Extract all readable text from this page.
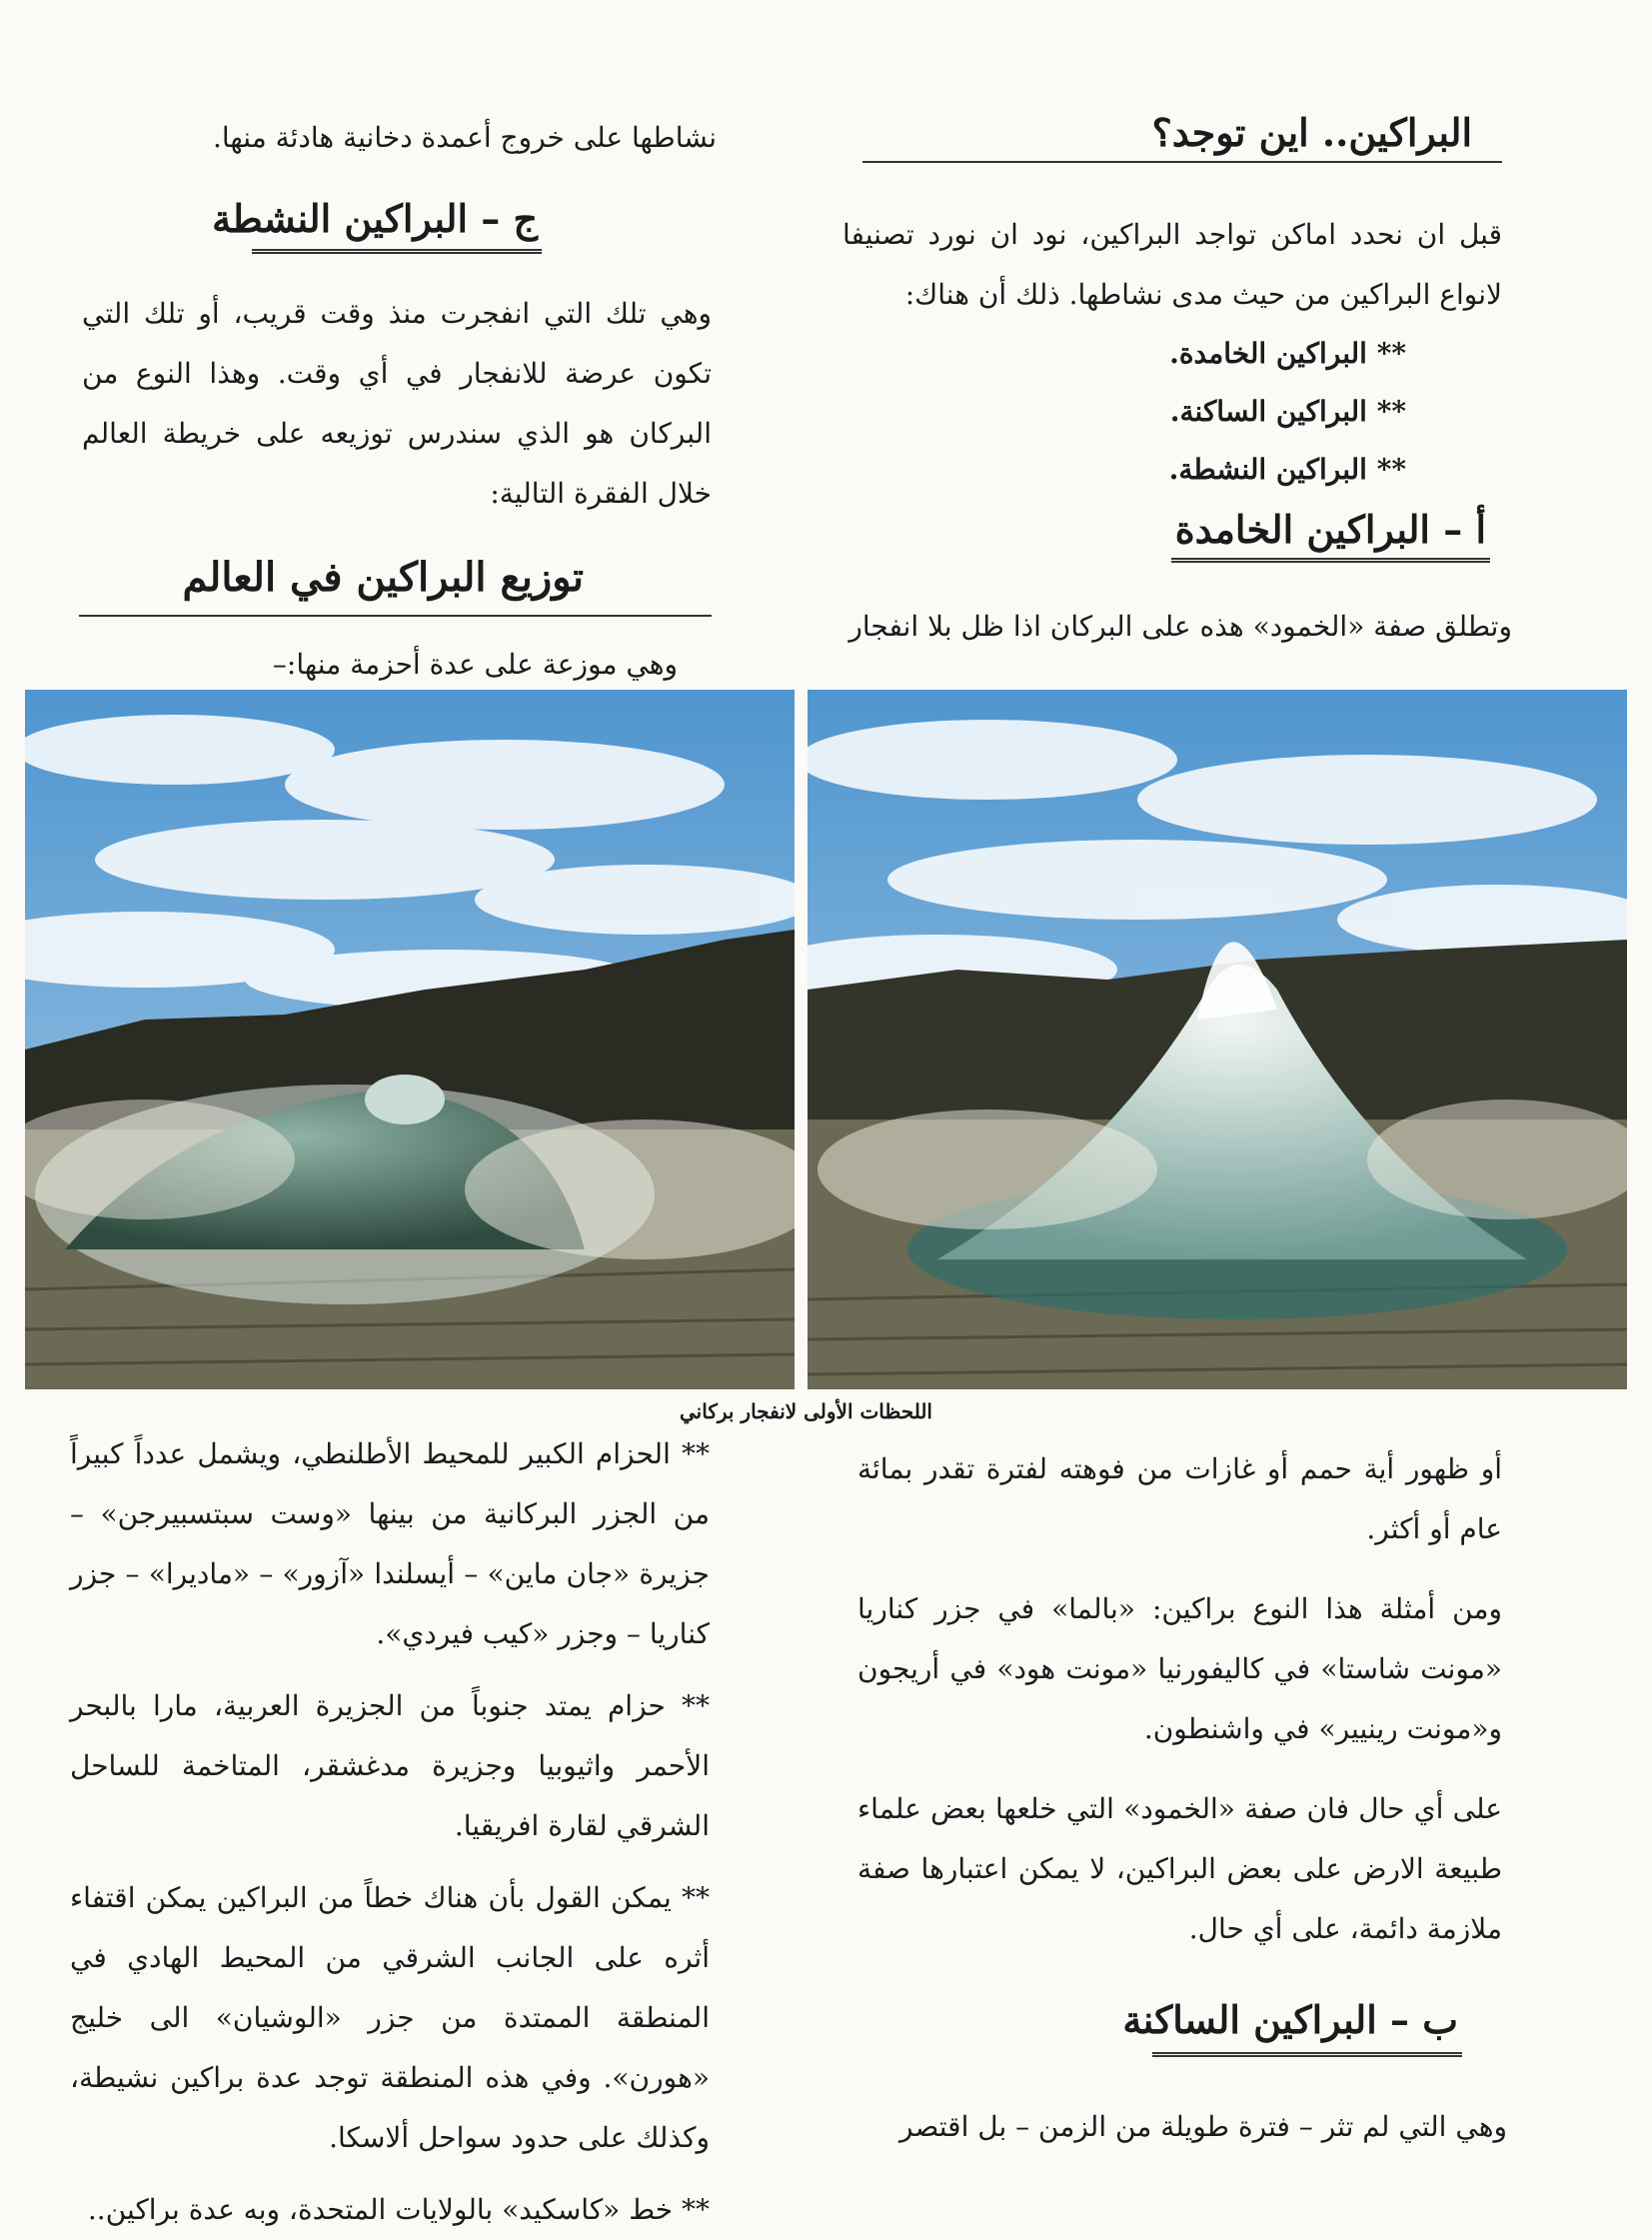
البراكين.. اين توجد؟

قبل ان نحدد اماكن تواجد البراكين، نود ان نورد تصنيفا لانواع البراكين من حيث مدى نشاطها. ذلك أن هناك:

** البراكين الخامدة.

** البراكين الساكنة.

** البراكين النشطة.

أ – البراكين الخامدة

وتطلق صفة «الخمود» هذه على البركان اذا ظل بلا انفجار

نشاطها على خروج أعمدة دخانية هادئة منها.

ج – البراكين النشطة

وهي تلك التي انفجرت منذ وقت قريب، أو تلك التي تكون عرضة للانفجار في أي وقت. وهذا النوع من البركان هو الذي سندرس توزيعه على خريطة العالم خلال الفقرة التالية:

توزيع البراكين في العالم

وهي موزعة على عدة أحزمة منها:–

اللحظات الأولى لانفجار بركاني

أو ظهور أية حمم أو غازات من فوهته لفترة تقدر بمائة عام أو أكثر.

ومن أمثلة هذا النوع براكين: «بالما» في جزر كناريا «مونت شاستا» في كاليفورنيا «مونت هود» في أريجون و«مونت رينيير» في واشنطون.

على أي حال فان صفة «الخمود» التي خلعها بعض علماء طبيعة الارض على بعض البراكين، لا يمكن اعتبارها صفة ملازمة دائمة، على أي حال.

ب – البراكين الساكنة

وهي التي لم تثر – فترة طويلة من الزمن – بل اقتصر

** الحزام الكبير للمحيط الأطلنطي، ويشمل عدداً كبيراً من الجزر البركانية من بينها «وست سبتسبيرجن» – جزيرة «جان ماين» – أيسلندا «آزور» – «ماديرا» – جزر كناريا – وجزر «كيب فيردي».

** حزام يمتد جنوباً من الجزيرة العربية، مارا بالبحر الأحمر واثيوبيا وجزيرة مدغشقر، المتاخمة للساحل الشرقي لقارة افريقيا.

** يمكن القول بأن هناك خطاً من البراكين يمكن اقتفاء أثره على الجانب الشرقي من المحيط الهادي في المنطقة الممتدة من جزر «الوشيان» الى خليج «هورن». وفي هذه المنطقة توجد عدة براكين نشيطة، وكذلك على حدود سواحل ألاسكا.

** خط «كاسكيد» بالولايات المتحدة، وبه عدة براكين..
